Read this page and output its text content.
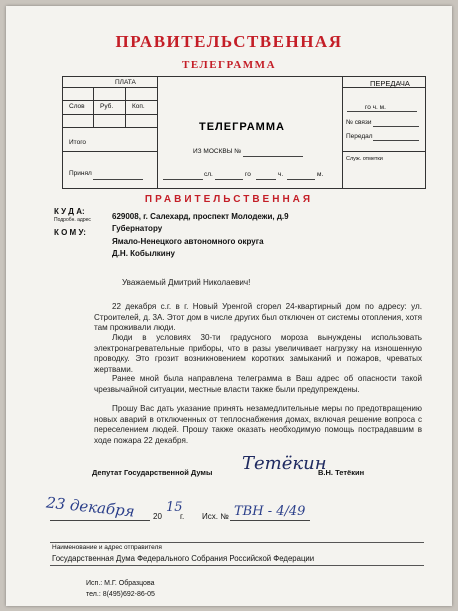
ПРАВИТЕЛЬСТВЕННАЯ
ТЕЛЕГРАММА
ПЛАТА
Слов Руб.	Коп.
Итого
Принял
ТЕЛЕГРАММА
ИЗ МОСКВЫ №
сл.	го	ч.	м.
ПЕРЕДАЧА
го ч. м.
№ связи
Передал
Служ. отметки
ПРАВИТЕЛЬСТВЕННАЯ
К У Д А:
Подробн. адрес	629008, г. Салехард, проспект Молодежи, д.9
К О М У:	Губернатору
Ямало-Ненецкого автономного округа
Д.Н. Кобылкину
Уважаемый Дмитрий Николаевич!

22 декабря с.г. в г. Новый Уренгой сгорел 24-квартирный дом по адресу: ул. Строителей, д. 3А. Этот дом в числе других был отключен от системы отопления, хотя там проживали люди.

Люди в условиях 30-ти градусного мороза вынуждены использовать электронагревательные приборы, что в разы увеличивает нагрузку на изношенную проводку. Это грозит возникновением коротких замыканий и пожаров, чреватых жертвами.

Ранее мной была направлена телеграмма в Ваш адрес об опасности такой чрезвычайной ситуации, местные власти также были предупреждены.

Прошу Вас дать указание принять незамедлительные меры по предотвращению новых аварий в отключенных от теплоснабжения домах, включая решение вопроса с переселением людей. Прошу также оказать необходимую помощь пострадавшим в ходе пожара 22 декабря.

Депутат Государственной Думы Тетёкин
В.Н. Тетёкин
23 декабря 20
15
г. Исх. № ТВН - 4/49
Наименование и адрес отправителя
Государственная Дума Федерального Собрания Российской Федерации
Исп.: М.Г. Образцова
тел.: 8(495)692-86-05
